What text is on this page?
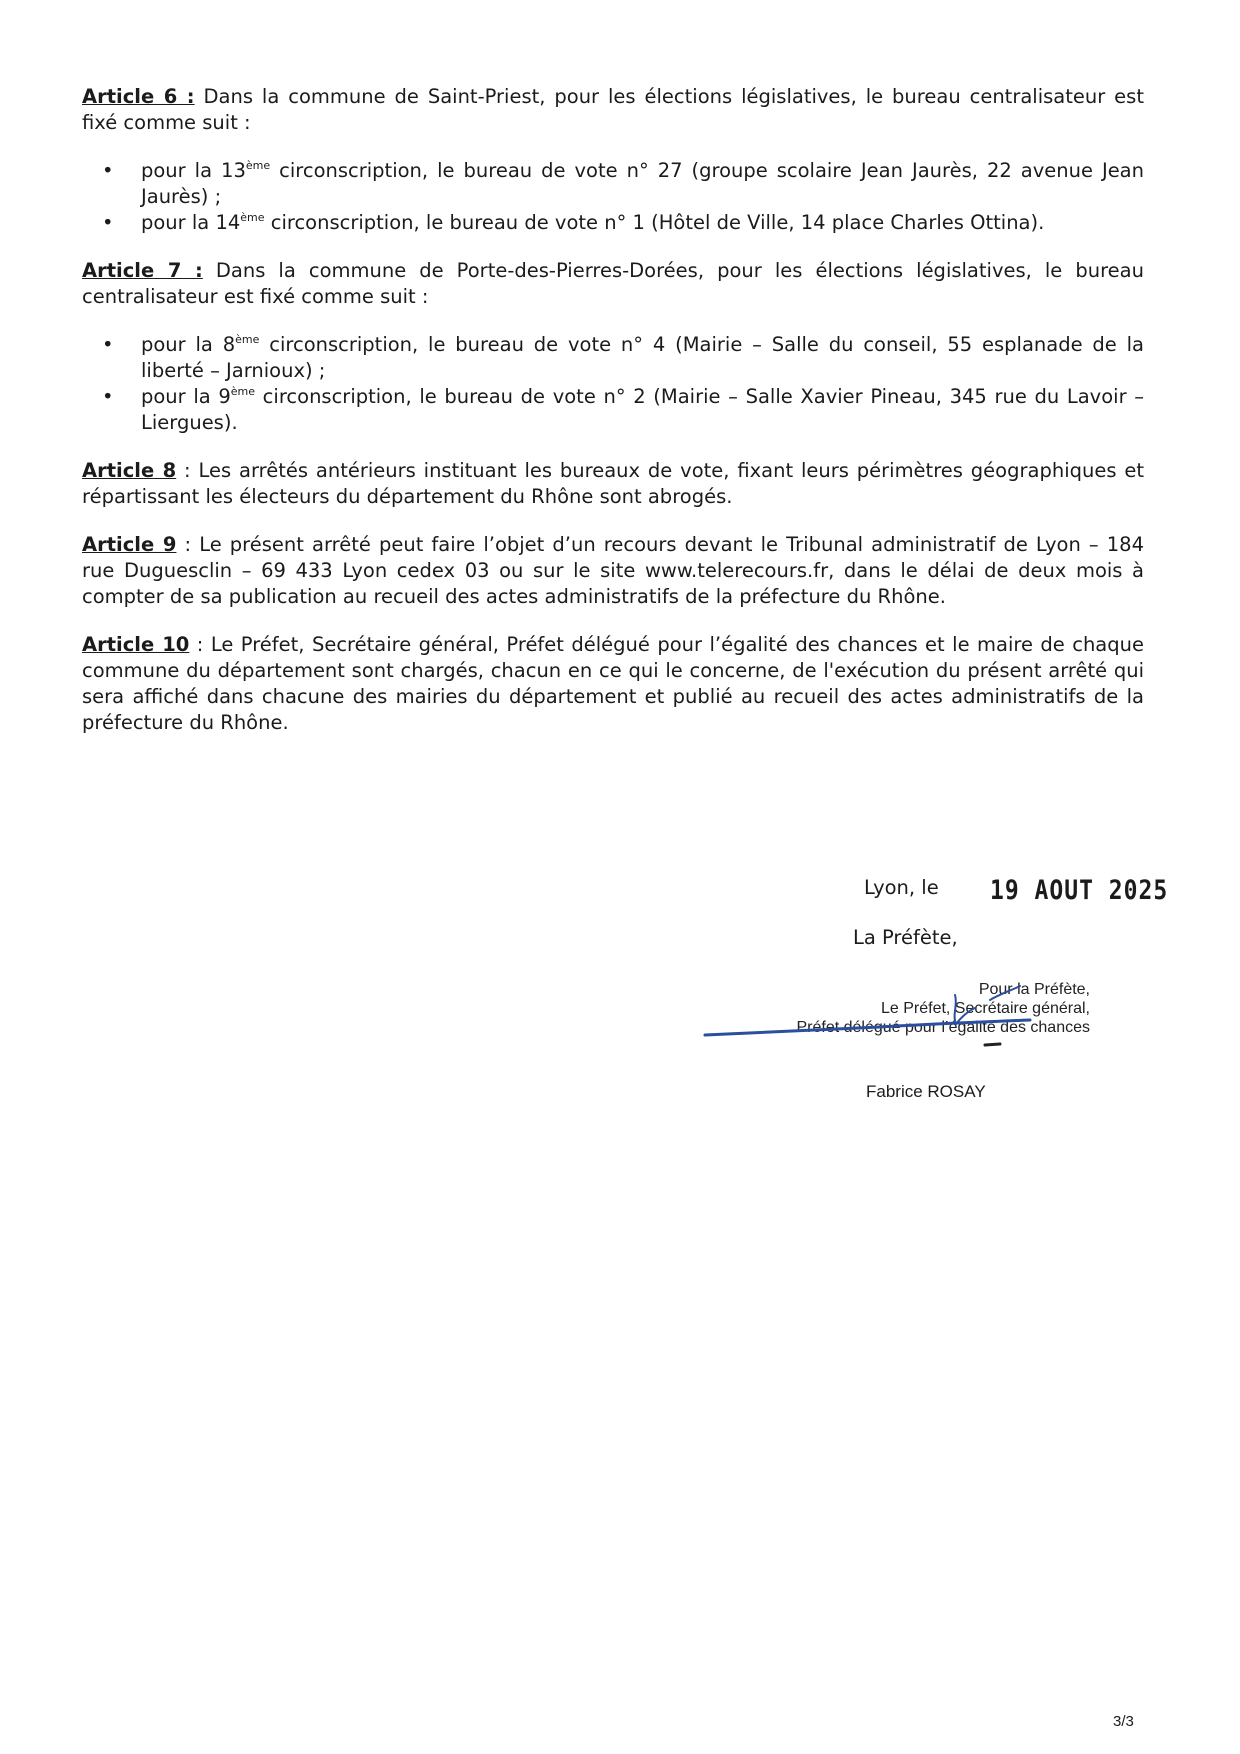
Article 6 : Dans la commune de Saint-Priest, pour les élections législatives, le bureau centralisateur est fixé comme suit :

• pour la 13ème circonscription, le bureau de vote n° 27 (groupe scolaire Jean Jaurès, 22 avenue Jean Jaurès) ;
• pour la 14ème circonscription, le bureau de vote n° 1 (Hôtel de Ville, 14 place Charles Ottina).

Article 7 : Dans la commune de Porte-des-Pierres-Dorées, pour les élections législatives, le bureau centralisateur est fixé comme suit :

• pour la 8ème circonscription, le bureau de vote n° 4 (Mairie – Salle du conseil, 55 esplanade de la liberté – Jarnioux) ;
• pour la 9ème circonscription, le bureau de vote n° 2 (Mairie – Salle Xavier Pineau, 345 rue du Lavoir – Liergues).

Article 8 : Les arrêtés antérieurs instituant les bureaux de vote, fixant leurs périmètres géographiques et répartissant les électeurs du département du Rhône sont abrogés.

Article 9 : Le présent arrêté peut faire l’objet d’un recours devant le Tribunal administratif de Lyon – 184 rue Duguesclin – 69 433 Lyon cedex 03 ou sur le site www.telerecours.fr, dans le délai de deux mois à compter de sa publication au recueil des actes administratifs de la préfecture du Rhône.

Article 10 : Le Préfet, Secrétaire général, Préfet délégué pour l’égalité des chances et le maire de chaque commune du département sont chargés, chacun en ce qui le concerne, de l'exécution du présent arrêté qui sera affiché dans chacune des mairies du département et publié au recueil des actes administratifs de la préfecture du Rhône.

Lyon, le 19 AOUT 2025
La Préfète,
Pour la Préfète,
Le Préfet, Secrétaire général,
Préfet délégué pour l’égalité des chances
Fabrice ROSAY
3/3
